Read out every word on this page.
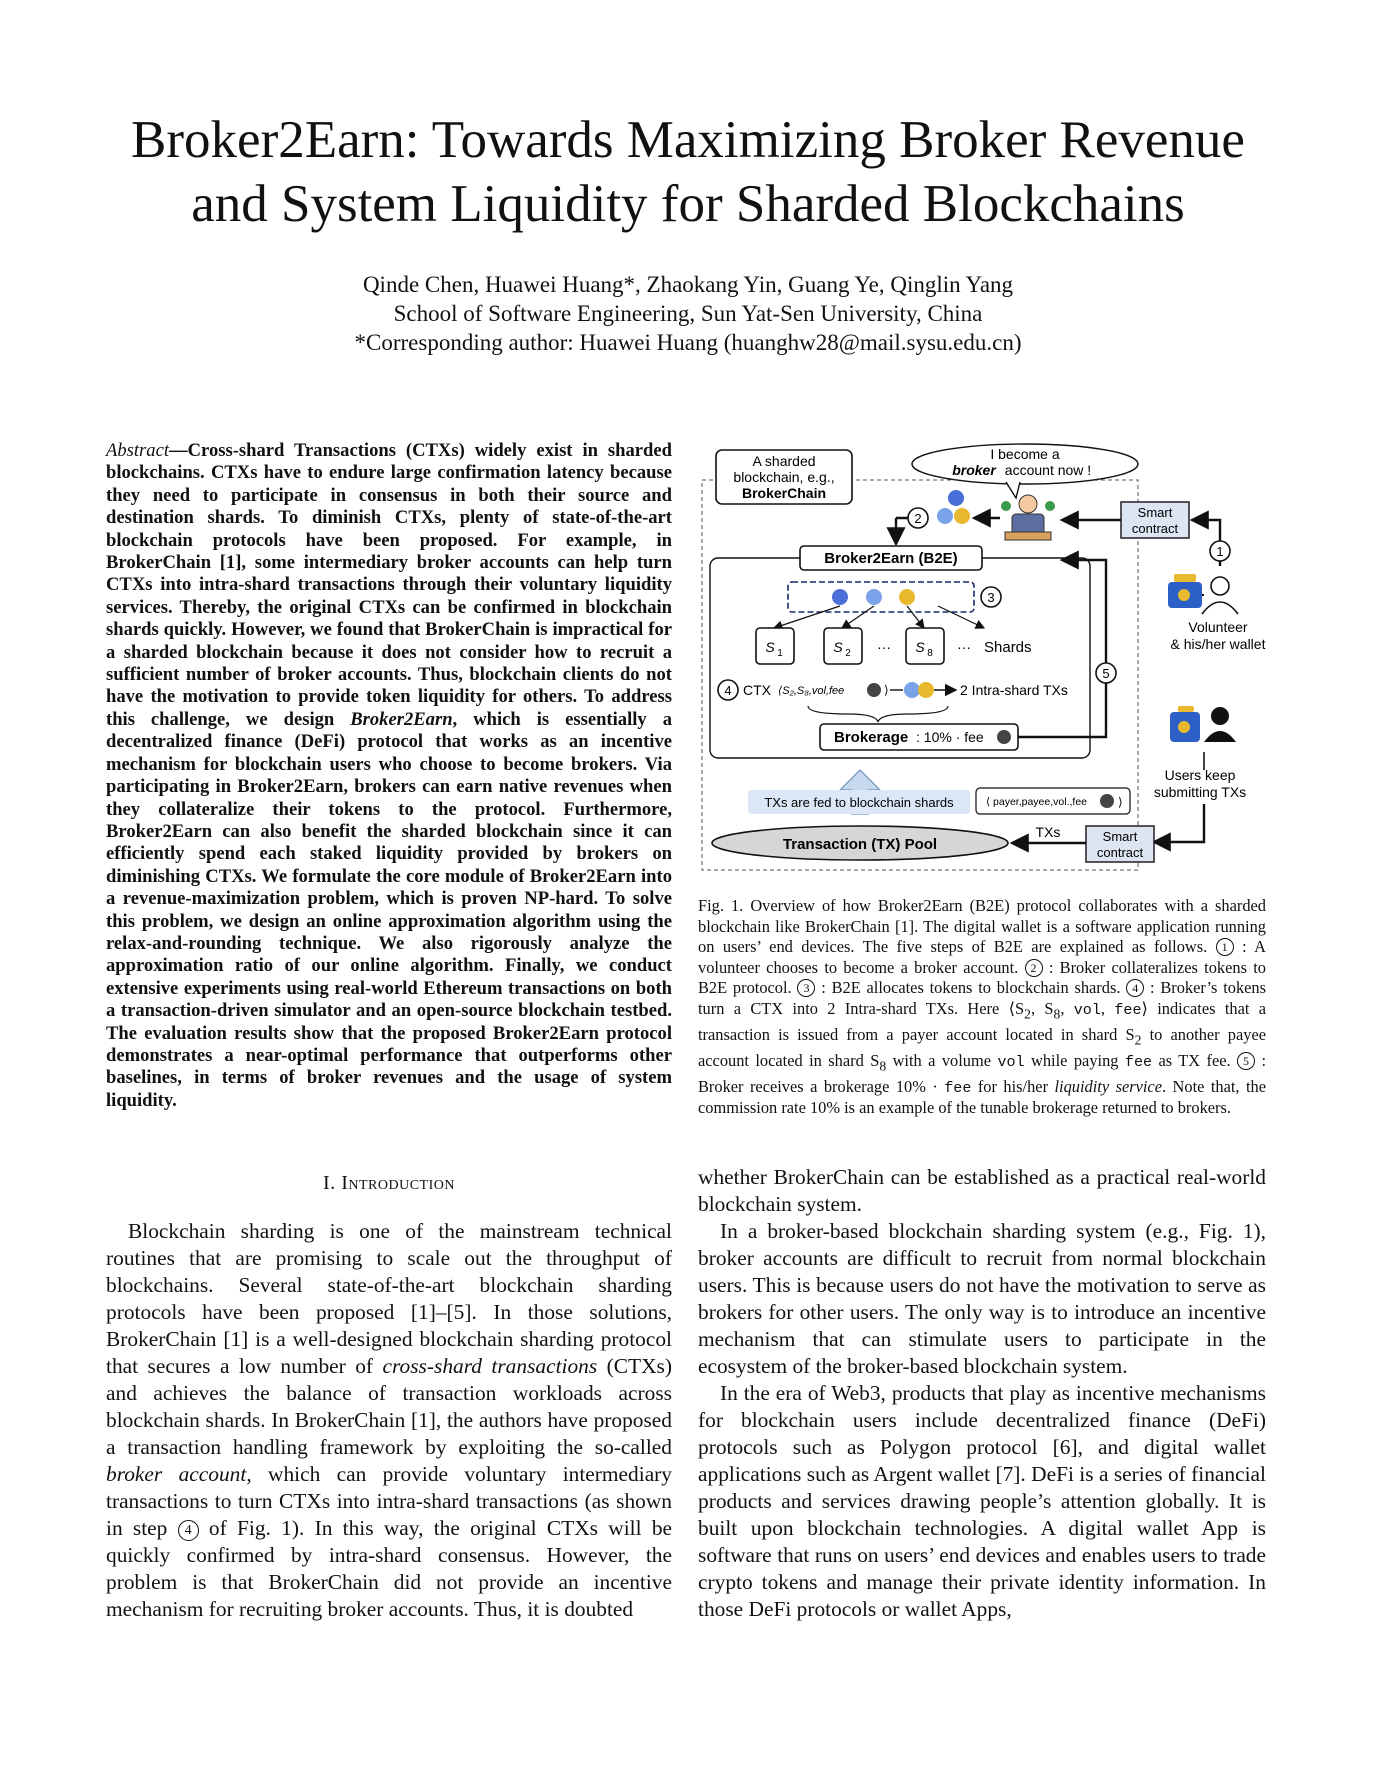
Broker2Earn: Towards Maximizing Broker Revenue
and System Liquidity for Sharded Blockchains
Qinde Chen, Huawei Huang*, Zhaokang Yin, Guang Ye, Qinglin Yang
School of Software Engineering, Sun Yat-Sen University, China
*Corresponding author: Huawei Huang (huanghw28@mail.sysu.edu.cn)
Abstract—Cross-shard Transactions (CTXs) widely exist in sharded blockchains. CTXs have to endure large confirmation latency because they need to participate in consensus in both their source and destination shards. To diminish CTXs, plenty of state-of-the-art blockchain protocols have been proposed. For example, in BrokerChain [1], some intermediary broker accounts can help turn CTXs into intra-shard transactions through their voluntary liquidity services. Thereby, the original CTXs can be confirmed in blockchain shards quickly. However, we found that BrokerChain is impractical for a sharded blockchain because it does not consider how to recruit a sufficient number of broker accounts. Thus, blockchain clients do not have the motivation to provide token liquidity for others. To address this challenge, we design Broker2Earn, which is essentially a decentralized finance (DeFi) protocol that works as an incentive mechanism for blockchain users who choose to become brokers. Via participating in Broker2Earn, brokers can earn native revenues when they collateralize their tokens to the protocol. Furthermore, Broker2Earn can also benefit the sharded blockchain since it can efficiently spend each staked liquidity provided by brokers on diminishing CTXs. We formulate the core module of Broker2Earn into a revenue-maximization problem, which is proven NP-hard. To solve this problem, we design an online approximation algorithm using the relax-and-rounding technique. We also rigorously analyze the approximation ratio of our online algorithm. Finally, we conduct extensive experiments using real-world Ethereum transactions on both a transaction-driven simulator and an open-source blockchain testbed. The evaluation results show that the proposed Broker2Earn protocol demonstrates a near-optimal performance that outperforms other baselines, in terms of broker revenues and the usage of system liquidity.
I. Introduction

Blockchain sharding is one of the mainstream technical routines that are promising to scale out the throughput of blockchains. Several state-of-the-art blockchain sharding protocols have been proposed [1]–[5]. In those solutions, BrokerChain [1] is a well-designed blockchain sharding protocol that secures a low number of cross-shard transactions (CTXs) and achieves the balance of transaction workloads across blockchain shards. In BrokerChain [1], the authors have proposed a transaction handling framework by exploiting the so-called broker account, which can provide voluntary intermediary transactions to turn CTXs into intra-shard transactions (as shown in step 4 of Fig. 1). In this way, the original CTXs will be quickly confirmed by intra-shard consensus. However, the problem is that BrokerChain did not provide an incentive mechanism for recruiting broker accounts. Thus, it is doubted

whether BrokerChain can be established as a practical real-world blockchain system.

In a broker-based blockchain sharding system (e.g., Fig. 1), broker accounts are difficult to recruit from normal blockchain users. This is because users do not have the motivation to serve as brokers for other users. The only way is to introduce an incentive mechanism that can stimulate users to participate in the ecosystem of the broker-based blockchain system.

In the era of Web3, products that play as incentive mechanisms for blockchain users include decentralized finance (DeFi) protocols such as Polygon protocol [6], and digital wallet applications such as Argent wallet [7]. DeFi is a series of financial products and services drawing people’s attention globally. It is built upon blockchain technologies. A digital wallet App is software that runs on users’ end devices and enables users to trade crypto tokens and manage their private identity information. In those DeFi protocols or wallet Apps,

Fig. 1. Overview of how Broker2Earn (B2E) protocol collaborates with a sharded blockchain like BrokerChain [1]. The digital wallet is a software application running on users’ end devices. The five steps of B2E are explained as follows. 1 : A volunteer chooses to become a broker account. 2 : Broker collateralizes tokens to B2E protocol. 3 : B2E allocates tokens to blockchain shards. 4 : Broker’s tokens turn a CTX into 2 Intra-shard TXs. Here $⟨S_2$, $S_8$, vol, fee⟩ indicates that a transaction is issued from a payer account located in shard $S_2$ to another payee account located in shard $S_8$ with a volume vol while paying fee as TX fee. 5 : Broker receives a brokerage 10% · fee for his/her liquidity service. Note that, the commission rate 10% is an example of the tunable brokerage returned to brokers.
A sharded
blockchain, e.g.,
BrokerChain
I become a
broker account now !
2	Smart
contract
1
Broker2Earn (B2E)
3
S 1	S 2 ··· S 8 ··· Shards
4 CTX ⟨S₂,S₈,vol,fee	⟩	2 Intra-shard TXs
Brokerage : 10% · fee
5
Volunteer
& his/her wallet
Users keep
submitting TXs
TXs are fed to blockchain shards	⟨ payer,payee,vol.,fee	⟩
Transaction (TX) Pool	Smart
contract
TXs
